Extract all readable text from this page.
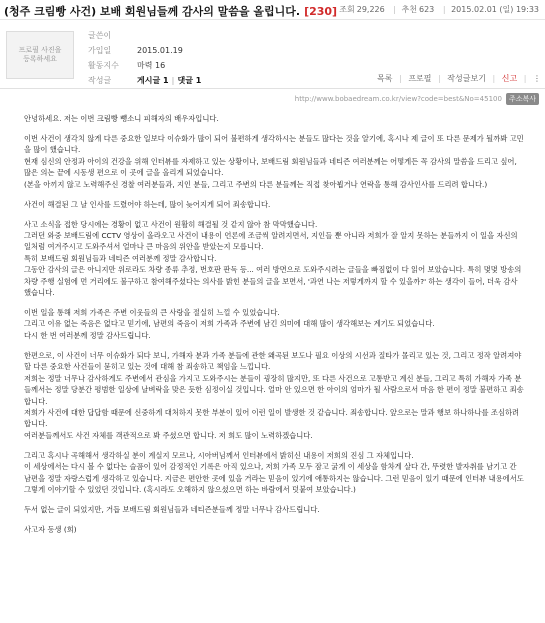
(청주 크림빵 사건) 보배 회원님들께 감사의 말씀을 올립니다. [230] 조회 29,226 | 추천 623 | 2015.02.01 (일) 19:33
프로필 사진을 등록하세요
글쓴이
가입일
활동지수
작성글
2015.01.19
마력 16
게시글 1 | 댓글 1	목록 | 프로필 | 작성글보기 | 신고 | ⋮
http://www.bobaedream.co.kr/view?code=best&No=45100 주소복사

안녕하세요. 저는 이번 크림빵 뺑소니 피해자의 배우자입니다.

이번 사건이 생각치 않게 다른 중요한 일보다 이슈화가 많이 되어 불편하게 생각하시는 분들도 많다는 것을 알기에, 혹시나 제 글이 또 다른 문제가 될까봐 고민을 많이 했습니다.
현재 심신의 안정과 아이의 건강을 위해 인터뷰를 자제하고 있는 상황이나, 보배드림 회원님들과 네티즌 여러분께는 어떻게든 꼭 감사의 말씀을 드리고 싶어, 많은 의논 끝에 시동생 편으로 이 곳에 글을 올리게 되었습니다.
(본을 아끼지 않고 노력해주신 경찰 여러분들과, 지인 분들, 그리고 주변의 다른 분들께는 직접 찾아뵙거나 연락을 통해 감사인사를 드리려 합니다.)

사건이 해결된 그 날 인사를 드렸어야 하는데, 많이 늦어지게 되어 죄송합니다.

사고 소식을 접한 당시에는 경황이 없고 사건이 원활히 해결될 것 같지 않아 참 막막했습니다.
그러던 와중 보배드림에 CCTV 영상이 올라오고 사건이 내용이 언론에 조금씩 알려지면서, 지인들 뿐 아니라 저희가 잘 알지 못하는 분들까지 이 일을 자신의 일처럼 여겨주시고 도와주셔서 얼마나 큰 마음의 위안을 받았는지 모릅니다.
특히 보배드림 회원님들과 네티즌 여러분께 정말 감사합니다.
그동안 감사의 글은 아니지만 위로라도 차량 종류 추정, 번호판 판독 등... 여러 방면으로 도와주시려는 글들을 빠짐없이 다 읽어 보았습니다. 특히 몇몇 방송의 차량 주행 실험에 먼 거리에도 불구하고 참여해주셨다는 의사를 밝힌 분들의 글을 보면서, '과연 나는 저렇게까지 할 수 있을까?' 하는 생각이 들어, 더욱 감사했습니다.

이번 일을 통해 저희 가족은 주변 이웃들의 큰 사랑을 절실히 느낄 수 있었습니다.
그리고 이유 없는 죽음은 없다고 믿기에, 남편의 죽음이 저희 가족과 주변에 남긴 의미에 대해 많이 생각해보는 계기도 되었습니다.
다시 한 번 여러분께 정말 감사드립니다.

한편으로, 이 사건이 너무 이슈화가 되다 보니, 가해자 분과 가족 분들에 관한 왜곡된 보도나 필요 이상의 시선과 질타가 몰리고 있는 것, 그리고 정작 알려져야 할 다른 중요한 사건들이 묻히고 있는 것에 대해 참 죄송하고 책임을 느낍니다.
저희는 정말 너무나 감사하게도 주변에서 관심을 가지고 도와주시는 분들이 굉장히 많지만, 또 다른 사건으로 고통받고 계신 분들, 그리고 특히 가해자 가족 분들께서는 정말 당분간 평범한 일상에 날벼락을 맞은 듯한 심정이실 것입니다. 얼마 안 있으면 한 아이의 엄마가 될 사람으로서 마음 한 편이 정말 불편하고 죄송합니다.
저희가 사건에 대한 답답함 때문에 신중하게 대처하지 못한 부분이 있어 이런 일이 발생한 것 같습니다. 죄송합니다. 앞으로는 말과 행보 하나하나를 조심하려 합니다.
여러분들께서도 사건 자체를 객관적으로 봐 주셨으면 합니다. 저 희도 많이 노력하겠습니다.

그리고 혹시나 곡해해서 생각하실 분이 계실지 모르나, 시아버님께서 인터뷰에서 밝히신 내용이 저희의 진심 그 자체입니다.
이 세상에서는 다시 볼 수 없다는 슬픔이 있어 감정적인 기록은 아직 있으나, 저희 가족 모두 잠고 굵게 이 세상을 함차게 살다 간, 뚜렷한 발자취를 남기고 간 남편을 정말 자랑스럽게 생각하고 있습니다. 지금은 편안한 곳에 있을 거라는 믿음이 있기에 애통하지는 않습니다. 그런 믿음이 있기 때문에 인터뷰 내용에서도 그렇게 이야기할 수 있었던 것입니다. (혹시라도 오해하지 않으셨으면 하는 바람에서 덧붙여 보았습니다.)

두서 없는 글이 되었지만, 거듭 보배드림 회원님들과 네티즌분들께 정말 너무나 감사드립니다.

사고자 동생 (희)
